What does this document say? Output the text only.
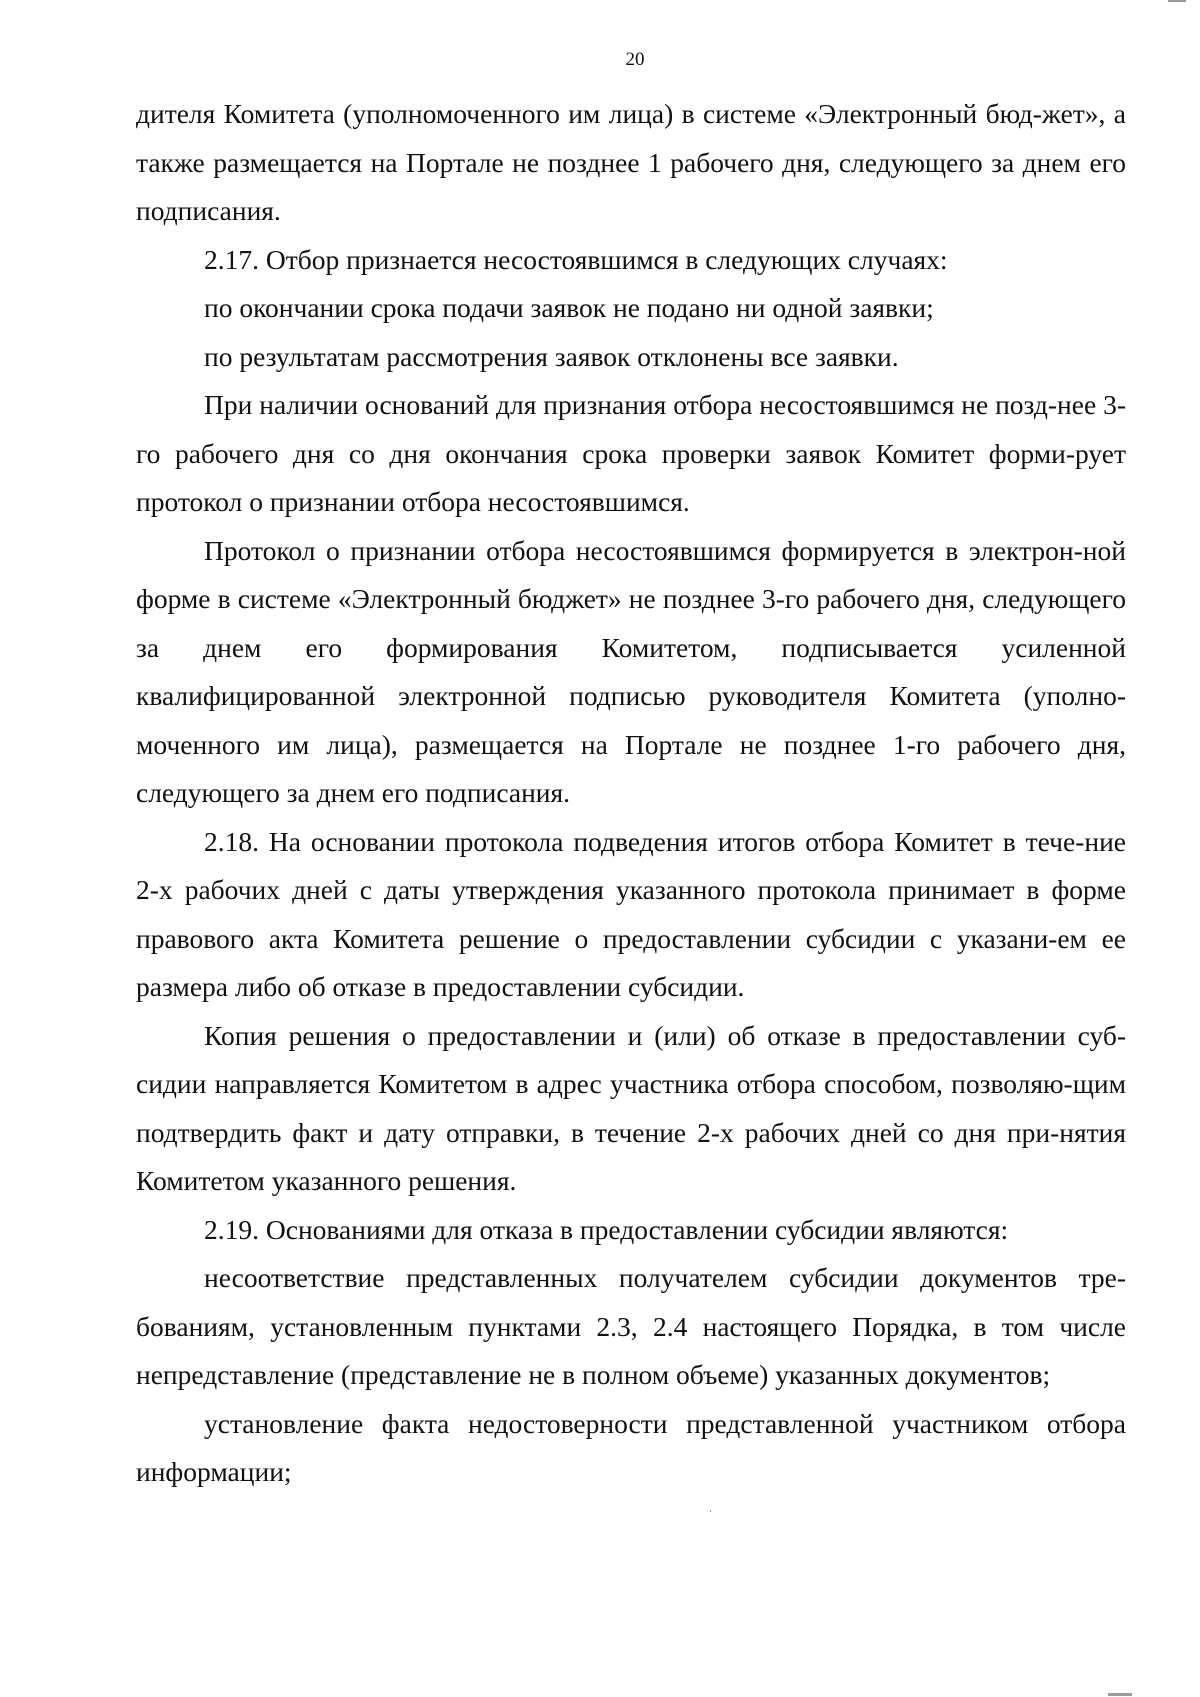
20

дителя Комитета (уполномоченного им лица) в системе «Электронный бюд-жет», а также размещается на Портале не позднее 1 рабочего дня, следующего за днем его подписания.

2.17. Отбор признается несостоявшимся в следующих случаях:

по окончании срока подачи заявок не подано ни одной заявки;

по результатам рассмотрения заявок отклонены все заявки.

При наличии оснований для признания отбора несостоявшимся не позд-нее 3-го рабочего дня со дня окончания срока проверки заявок Комитет форми-рует протокол о признании отбора несостоявшимся.

Протокол о признании отбора несостоявшимся формируется в электрон-ной форме в системе «Электронный бюджет» не позднее 3-го рабочего дня, следующего за днем его формирования Комитетом, подписывается усиленной квалифицированной электронной подписью руководителя Комитета (уполно-моченного им лица), размещается на Портале не позднее 1-го рабочего дня, следующего за днем его подписания.

2.18. На основании протокола подведения итогов отбора Комитет в тече-ние 2-х рабочих дней с даты утверждения указанного протокола принимает в форме правового акта Комитета решение о предоставлении субсидии с указани-ем ее размера либо об отказе в предоставлении субсидии.

Копия решения о предоставлении и (или) об отказе в предоставлении суб-сидии направляется Комитетом в адрес участника отбора способом, позволяю-щим подтвердить факт и дату отправки, в течение 2-х рабочих дней со дня при-нятия Комитетом указанного решения.

2.19. Основаниями для отказа в предоставлении субсидии являются:

несоответствие представленных получателем субсидии документов тре-бованиям, установленным пунктами 2.3, 2.4 настоящего Порядка, в том числе непредставление (представление не в полном объеме) указанных документов;

установление факта недостоверности представленной участником отбора информации;
